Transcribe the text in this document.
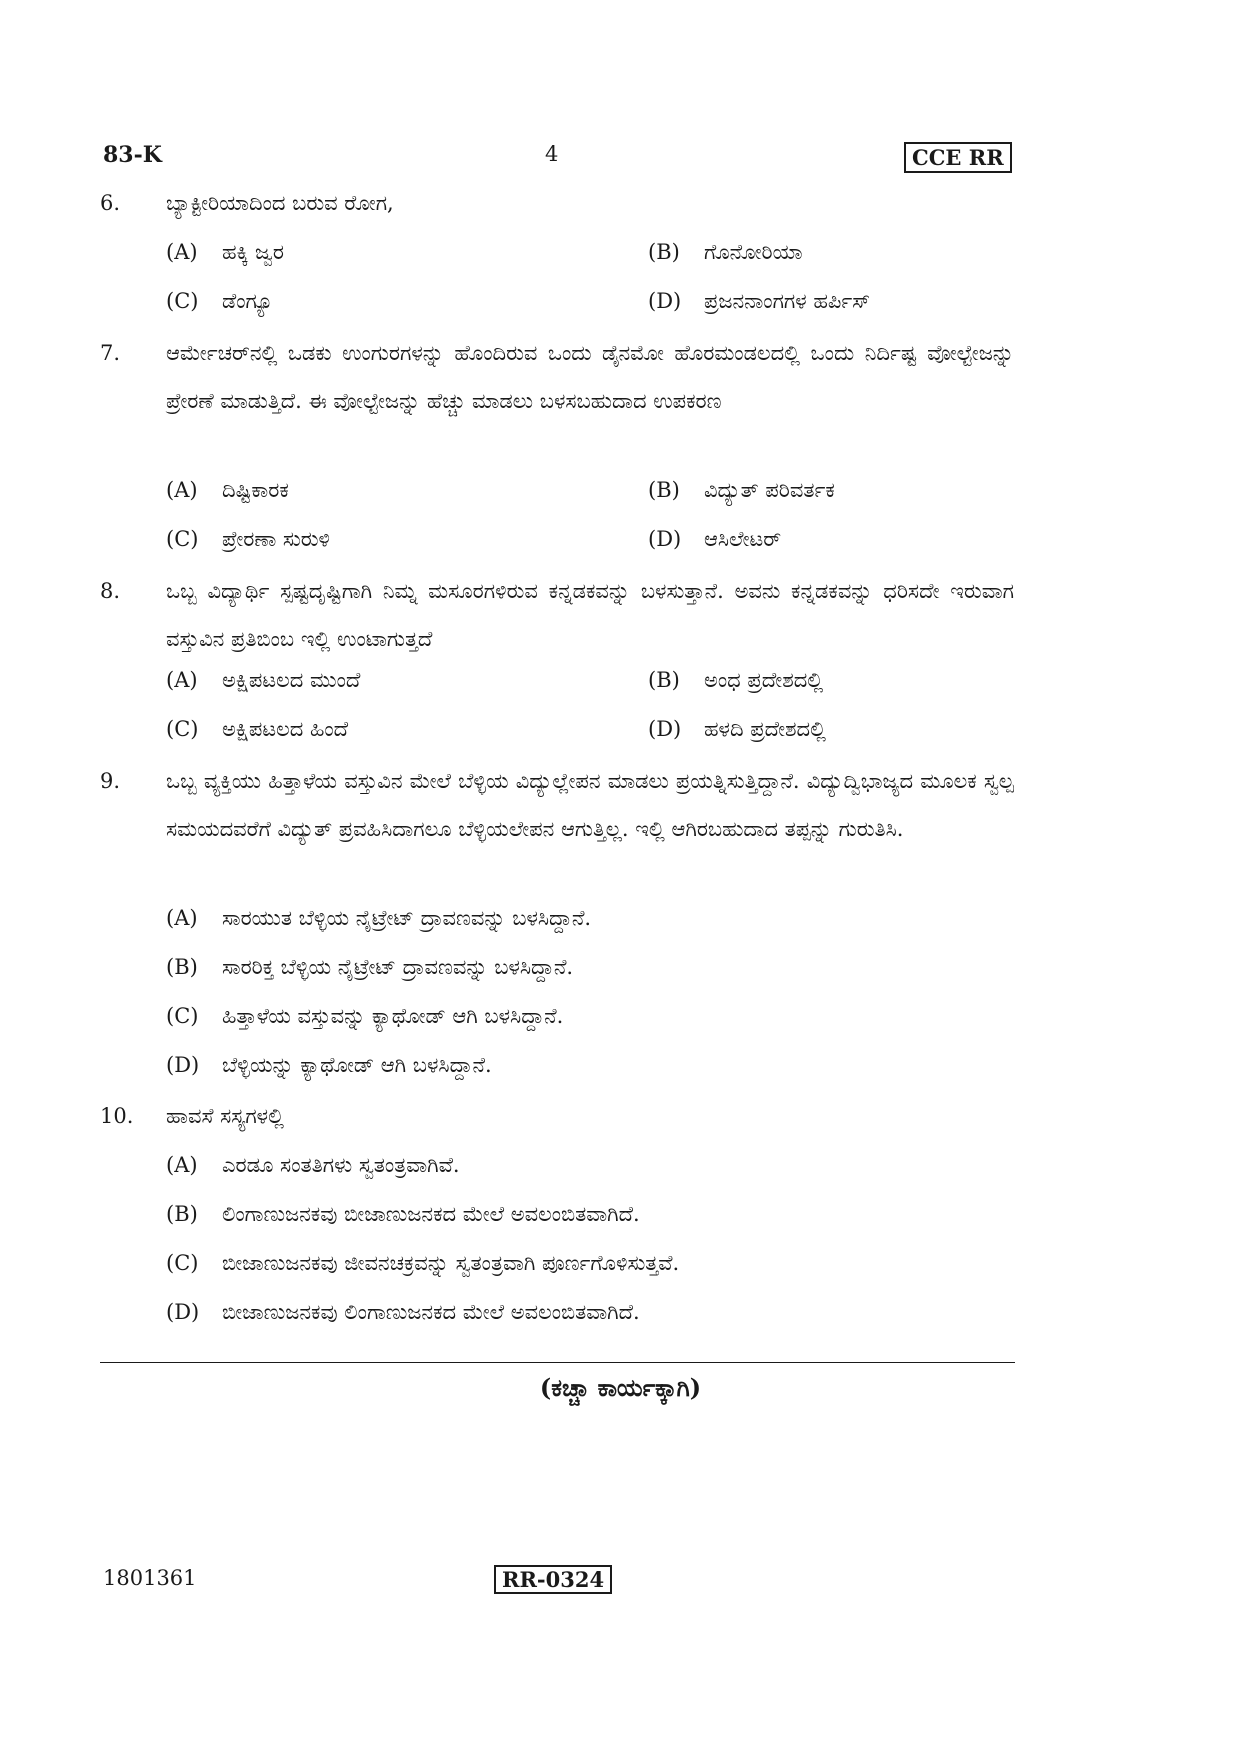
83-K	4	CCE RR
6. ಬ್ಯಾಕ್ಟೀರಿಯಾದಿಂದ ಬರುವ ರೋಗ,
(A) ಹಕ್ಕಿ ಜ್ವರ	(B) ಗೊನೋರಿಯಾ
(C) ಡೆಂಗ್ಯೂ	(D) ಪ್ರಜನನಾಂಗಗಳ ಹರ್ಪಿಸ್
7. ಆರ್ಮೇಚರ್‌ನಲ್ಲಿ ಒಡಕು ಉಂಗುರಗಳನ್ನು ಹೊಂದಿರುವ ಒಂದು ಡೈನಮೋ ಹೊರಮಂಡಲದಲ್ಲಿ ಒಂದು ನಿರ್ದಿಷ್ಟ ವೋಲ್ಟೇಜನ್ನು ಪ್ರೇರಣೆ ಮಾಡುತ್ತಿದೆ. ಈ ವೋಲ್ಟೇಜನ್ನು ಹೆಚ್ಚು ಮಾಡಲು ಬಳಸಬಹುದಾದ ಉಪಕರಣ
(A) ದಿಷ್ಟಿಕಾರಕ	(B) ವಿದ್ಯುತ್ ಪರಿವರ್ತಕ
(C) ಪ್ರೇರಣಾ ಸುರುಳಿ	(D) ಆಸಿಲೇಟರ್
8. ಒಬ್ಬ ವಿದ್ಯಾರ್ಥಿ ಸ್ಪಷ್ಟದೃಷ್ಟಿಗಾಗಿ ನಿಮ್ನ ಮಸೂರಗಳಿರುವ ಕನ್ನಡಕವನ್ನು ಬಳಸುತ್ತಾನೆ. ಅವನು ಕನ್ನಡಕವನ್ನು ಧರಿಸದೇ ಇರುವಾಗ ವಸ್ತುವಿನ ಪ್ರತಿಬಿಂಬ ಇಲ್ಲಿ ಉಂಟಾಗುತ್ತದೆ
(A) ಅಕ್ಷಿಪಟಲದ ಮುಂದೆ	(B) ಅಂಧ ಪ್ರದೇಶದಲ್ಲಿ
(C) ಅಕ್ಷಿಪಟಲದ ಹಿಂದೆ	(D) ಹಳದಿ ಪ್ರದೇಶದಲ್ಲಿ
9. ಒಬ್ಬ ವ್ಯಕ್ತಿಯು ಹಿತ್ತಾಳೆಯ ವಸ್ತುವಿನ ಮೇಲೆ ಬೆಳ್ಳಿಯ ವಿದ್ಯುಲ್ಲೇಪನ ಮಾಡಲು ಪ್ರಯತ್ನಿಸುತ್ತಿದ್ದಾನೆ. ವಿದ್ಯುದ್ವಿಭಾಜ್ಯದ ಮೂಲಕ ಸ್ವಲ್ಪ ಸಮಯದವರೆಗೆ ವಿದ್ಯುತ್ ಪ್ರವಹಿಸಿದಾಗಲೂ ಬೆಳ್ಳಿಯಲೇಪನ ಆಗುತ್ತಿಲ್ಲ. ಇಲ್ಲಿ ಆಗಿರಬಹುದಾದ ತಪ್ಪನ್ನು ಗುರುತಿಸಿ.
(A) ಸಾರಯುತ ಬೆಳ್ಳಿಯ ನೈಟ್ರೇಟ್ ದ್ರಾವಣವನ್ನು ಬಳಸಿದ್ದಾನೆ.
(B) ಸಾರರಿಕ್ತ ಬೆಳ್ಳಿಯ ನೈಟ್ರೇಟ್ ದ್ರಾವಣವನ್ನು ಬಳಸಿದ್ದಾನೆ.
(C) ಹಿತ್ತಾಳೆಯ ವಸ್ತುವನ್ನು ಕ್ಯಾಥೋಡ್ ಆಗಿ ಬಳಸಿದ್ದಾನೆ.
(D) ಬೆಳ್ಳಿಯನ್ನು ಕ್ಯಾಥೋಡ್ ಆಗಿ ಬಳಸಿದ್ದಾನೆ.
10. ಹಾವಸೆ ಸಸ್ಯಗಳಲ್ಲಿ
(A) ಎರಡೂ ಸಂತತಿಗಳು ಸ್ವತಂತ್ರವಾಗಿವೆ.
(B) ಲಿಂಗಾಣುಜನಕವು ಬೀಜಾಣುಜನಕದ ಮೇಲೆ ಅವಲಂಬಿತವಾಗಿದೆ.
(C) ಬೀಜಾಣುಜನಕವು ಜೀವನಚಕ್ರವನ್ನು ಸ್ವತಂತ್ರವಾಗಿ ಪೂರ್ಣಗೊಳಿಸುತ್ತವೆ.
(D) ಬೀಜಾಣುಜನಕವು ಲಿಂಗಾಣುಜನಕದ ಮೇಲೆ ಅವಲಂಬಿತವಾಗಿದೆ.
(ಕಚ್ಚಾ ಕಾರ್ಯಕ್ಕಾಗಿ)
1801361	RR-0324
